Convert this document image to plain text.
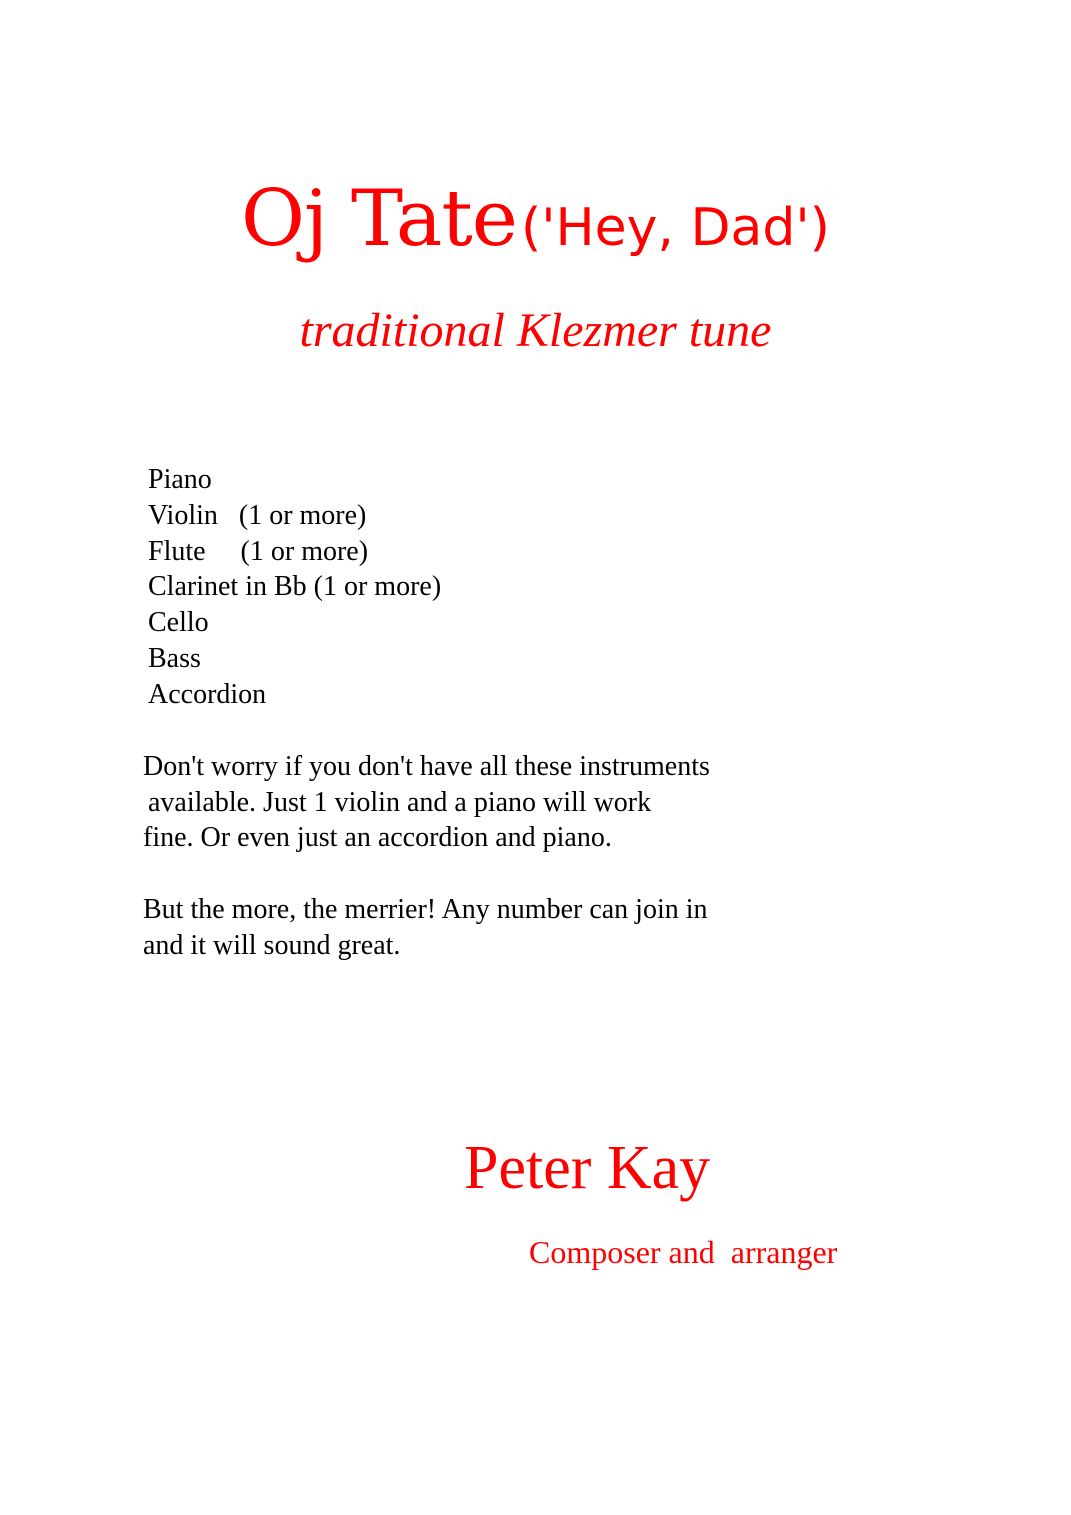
Oj Tate ('Hey, Dad')
traditional Klezmer tune
Piano
Violin   (1 or more)
Flute     (1 or more)
Clarinet in Bb (1 or more)
Cello
Bass
Accordion

Don't worry if you don't have all these instruments
available. Just 1 violin and a piano will work
fine. Or even just an accordion and piano.

But the more, the merrier! Any number can join in
and it will sound great.

Peter Kay
Composer and  arranger
